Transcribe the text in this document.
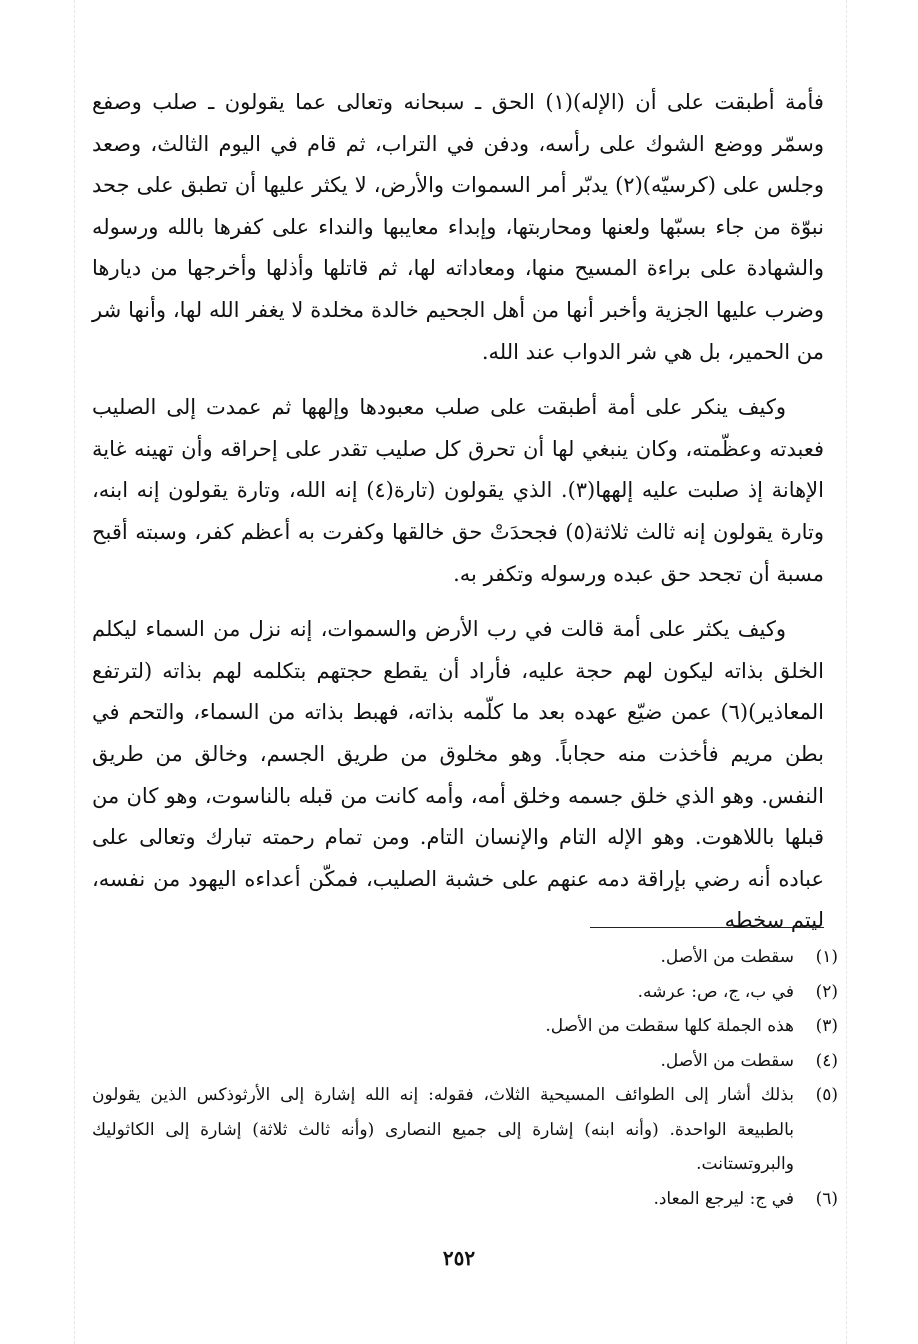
فأمة أطبقت على أن (الإله)(١) الحق ـ سبحانه وتعالى عما يقولون ـ صلب وصفع وسمّر ووضع الشوك على رأسه، ودفن في التراب، ثم قام في اليوم الثالث، وصعد وجلس على (كرسيّه)(٢) يدبّر أمر السموات والأرض، لا يكثر عليها أن تطبق على جحد نبوّة من جاء بسبّها ولعنها ومحاربتها، وإبداء معايبها والنداء على كفرها بالله ورسوله والشهادة على براءة المسيح منها، ومعاداته لها، ثم قاتلها وأذلها وأخرجها من ديارها وضرب عليها الجزية وأخبر أنها من أهل الجحيم خالدة مخلدة لا يغفر الله لها، وأنها شر من الحمير، بل هي شر الدواب عند الله.

وكيف ينكر على أمة أطبقت على صلب معبودها وإلهها ثم عمدت إلى الصليب فعبدته وعظّمته، وكان ينبغي لها أن تحرق كل صليب تقدر على إحراقه وأن تهينه غاية الإهانة إذ صلبت عليه إلهها(٣). الذي يقولون (تارة(٤) إنه الله، وتارة يقولون إنه ابنه، وتارة يقولون إنه ثالث ثلاثة(٥) فجحدَتْ حق خالقها وكفرت به أعظم كفر، وسبته أقبح مسبة أن تجحد حق عبده ورسوله وتكفر به.

وكيف يكثر على أمة قالت في رب الأرض والسموات، إنه نزل من السماء ليكلم الخلق بذاته ليكون لهم حجة عليه، فأراد أن يقطع حجتهم بتكلمه لهم بذاته (لترتفع المعاذير)(٦) عمن ضيّع عهده بعد ما كلّمه بذاته، فهبط بذاته من السماء، والتحم في بطن مريم فأخذت منه حجاباً. وهو مخلوق من طريق الجسم، وخالق من طريق النفس. وهو الذي خلق جسمه وخلق أمه، وأمه كانت من قبله بالناسوت، وهو كان من قبلها باللاهوت. وهو الإله التام والإنسان التام. ومن تمام رحمته تبارك وتعالى على عباده أنه رضي بإراقة دمه عنهم على خشبة الصليب، فمكّن أعداءه اليهود من نفسه، ليتم سخطه

(١)
سقطت من الأصل.
(٢)
في ب، ج، ص: عرشه.
(٣)
هذه الجملة كلها سقطت من الأصل.
(٤)
سقطت من الأصل.
(٥)
بذلك أشار إلى الطوائف المسيحية الثلاث، فقوله: إنه الله إشارة إلى الأرثوذكس الذين يقولون بالطبيعة الواحدة. (وأنه ابنه) إشارة إلى جميع النصارى (وأنه ثالث ثلاثة) إشارة إلى الكاثوليك والبروتستانت.
(٦)
في ج: ليرجع المعاد.
٢٥٢
